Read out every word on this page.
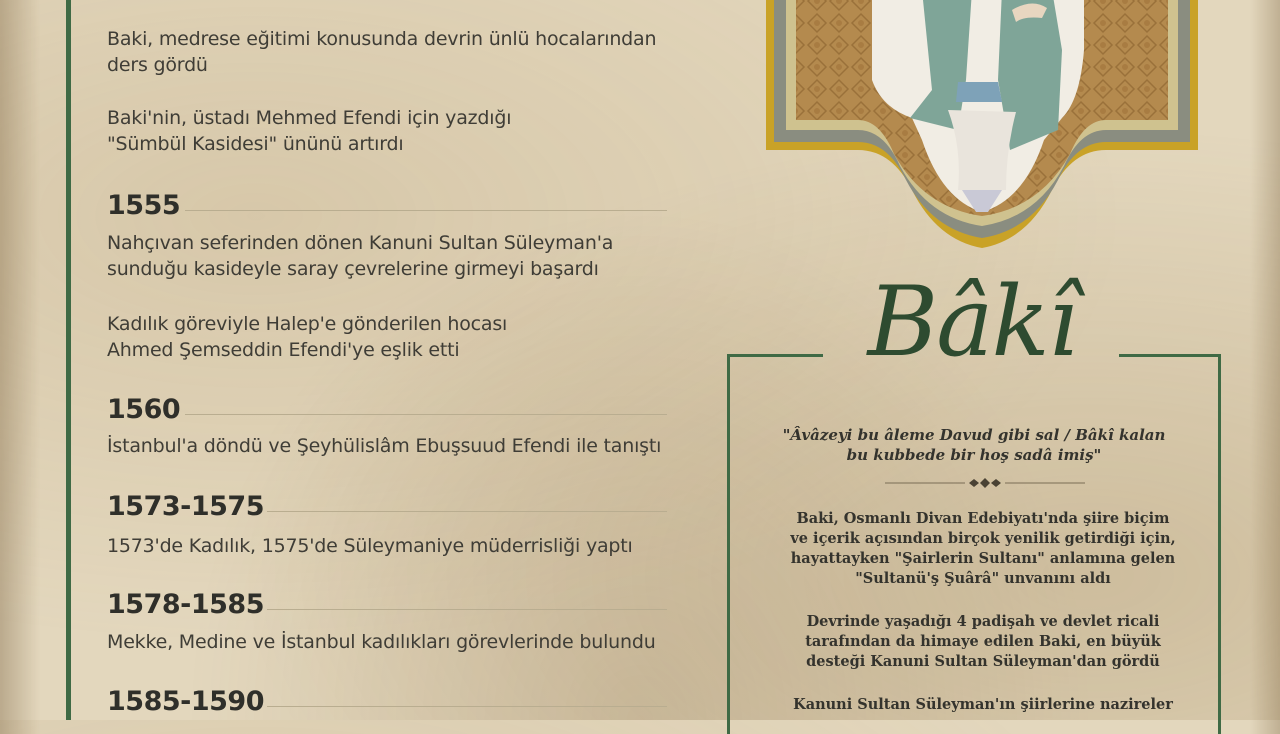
Baki, medrese eğitimi konusunda devrin ünlü hocalarından
ders gördü
Baki'nin, üstadı Mehmed Efendi için yazdığı
"Sümbül Kasidesi" ününü artırdı
1555
Nahçıvan seferinden dönen Kanuni Sultan Süleyman'a
sunduğu kasideyle saray çevrelerine girmeyi başardı
Kadılık göreviyle Halep'e gönderilen hocası
Ahmed Şemseddin Efendi'ye eşlik etti
1560
İstanbul'a döndü ve Şeyhülislâm Ebuşsuud Efendi ile tanıştı
1573-1575
1573'de Kadılık, 1575'de Süleymaniye müderrisliği yaptı
1578-1585
Mekke, Medine ve İstanbul kadılıkları görevlerinde bulundu
1585-1590
Bâkî
"Âvâzeyi bu âleme Davud gibi sal / Bâkî kalan
bu kubbede bir hoş sadâ imiş"
Baki, Osmanlı Divan Edebiyatı'nda şiire biçim
ve içerik açısından birçok yenilik getirdiği için,
hayattayken "Şairlerin Sultanı" anlamına gelen
"Sultanü'ş Şuârâ" unvanını aldı
Devrinde yaşadığı 4 padişah ve devlet ricali
tarafından da himaye edilen Baki, en büyük
desteği Kanuni Sultan Süleyman'dan gördü
Kanuni Sultan Süleyman'ın şiirlerine nazireler
